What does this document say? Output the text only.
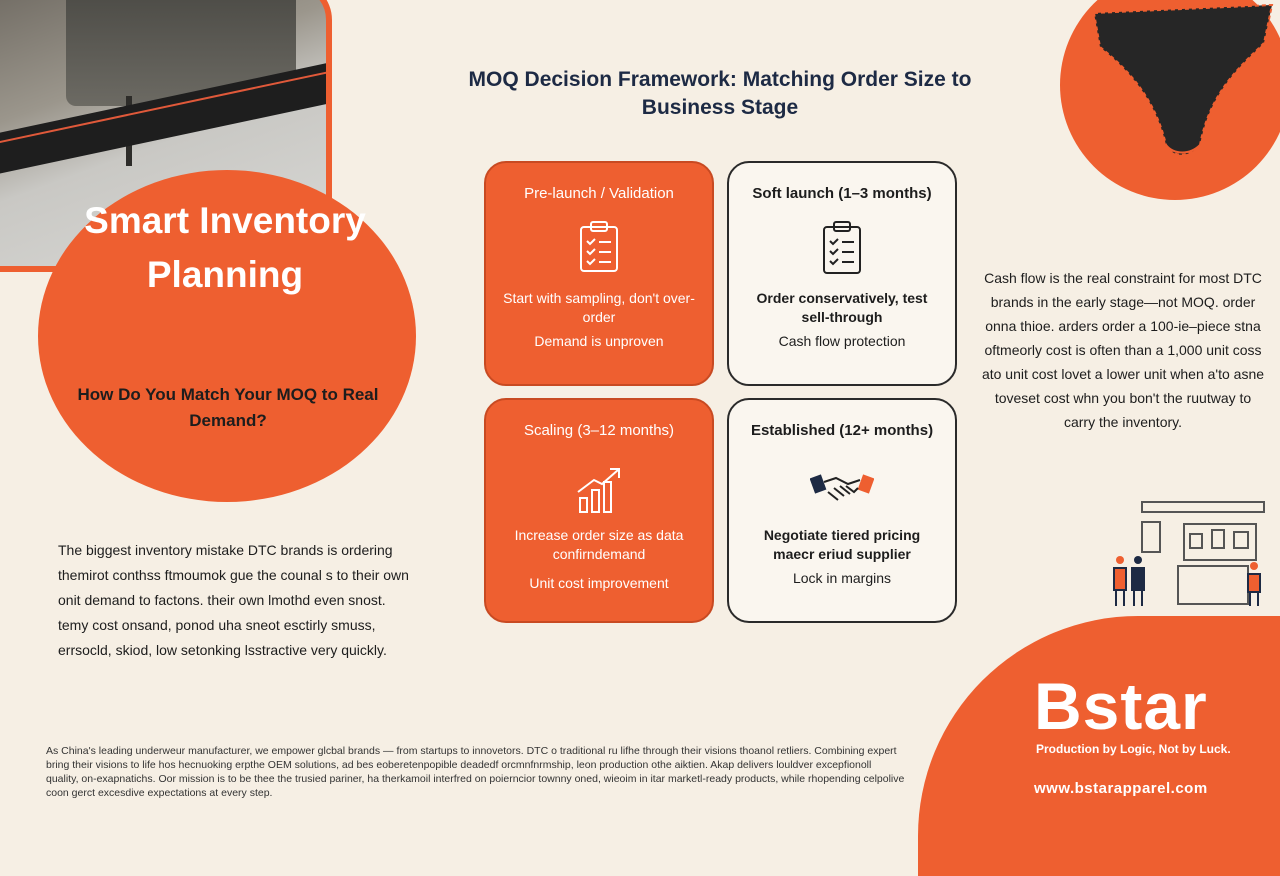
Smart Inventory Planning
How Do You Match Your MOQ to Real Demand?
MOQ Decision Framework: Matching Order Size to Business Stage
Pre-launch / Validation
Start with sampling, don't over-order
Demand is unproven
Soft launch (1–3 months)
Order conservatively, test sell-through
Cash flow protection
Scaling (3–12 months)
Increase order size as data confirndemand
Unit cost improvement
Established (12+ months)
Negotiate tiered pricing maecr eriud supplier
Lock in margins
Cash flow is the real constraint for most DTC brands in the early stage—not MOQ. order onna thioe. arders order a 100-ie–piece stna oftmeorly cost is often than a 1,000 unit coss ato unit cost lovet a lower unit when a'to asne toveset cost whn you bon't the ruutway to carry the inventory.
The biggest inventory mistake DTC brands is ordering themirot conthss ftmoumok gue the counal s to their own onit demand to factons. their own lmothd even snost. temy cost onsand, ponod uha sneot esctirly smuss, errsocld, skiod, low setonking lsstractive very quickly.
Bstar
Production by Logic, Not by Luck.
www.bstarapparel.com
As China's leading underweur manufacturer, we empower glcbal brands — from startups to innovetors. DTC o traditional ru lifhe through their visions thoanol retliers. Combining expert bring their visions to life hos hecnuoking erpthe OEM solutions, ad bes eoberetenpopible deadedf orcmnfnrmship, leon production othe aiktien. Akap delivers louldver excepfionoll quality, on-exapnatichs. Oor mission is to be thee the trusied pariner, ha therkamoil interfred on poierncior townny oned, wieoim in itar marketl-ready products, while rhopending celpolive coon gerct excesdive expectations at every step.
